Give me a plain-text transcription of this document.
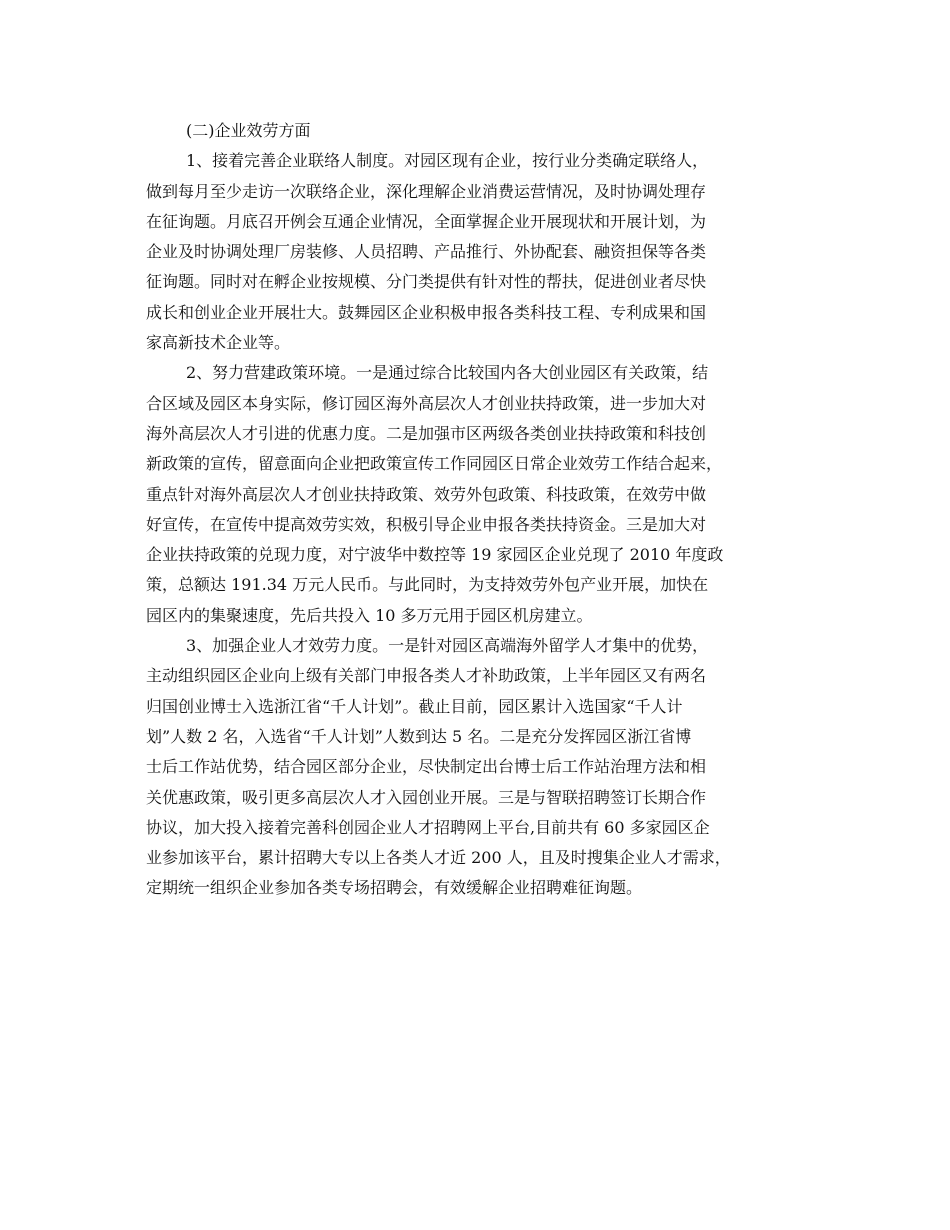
(二)企业效劳方面
1、接着完善企业联络人制度。对园区现有企业，按行业分类确定联络人，
做到每月至少走访一次联络企业，深化理解企业消费运营情况，及时协调处理存
在征询题。月底召开例会互通企业情况，全面掌握企业开展现状和开展计划，为
企业及时协调处理厂房装修、人员招聘、产品推行、外协配套、融资担保等各类
征询题。同时对在孵企业按规模、分门类提供有针对性的帮扶，促进创业者尽快
成长和创业企业开展壮大。鼓舞园区企业积极申报各类科技工程、专利成果和国
家高新技术企业等。
2、努力营建政策环境。一是通过综合比较国内各大创业园区有关政策，结
合区域及园区本身实际，修订园区海外高层次人才创业扶持政策，进一步加大对
海外高层次人才引进的优惠力度。二是加强市区两级各类创业扶持政策和科技创
新政策的宣传，留意面向企业把政策宣传工作同园区日常企业效劳工作结合起来，
重点针对海外高层次人才创业扶持政策、效劳外包政策、科技政策，在效劳中做
好宣传，在宣传中提高效劳实效，积极引导企业申报各类扶持资金。三是加大对
企业扶持政策的兑现力度，对宁波华中数控等 19 家园区企业兑现了 2010 年度政
策，总额达 191.34 万元人民币。与此同时，为支持效劳外包产业开展，加快在
园区内的集聚速度，先后共投入 10 多万元用于园区机房建立。
3、加强企业人才效劳力度。一是针对园区高端海外留学人才集中的优势，
主动组织园区企业向上级有关部门申报各类人才补助政策，上半年园区又有两名
归国创业博士入选浙江省“千人计划”。截止目前，园区累计入选国家“千人计
划”人数 2 名，入选省“千人计划”人数到达 5 名。二是充分发挥园区浙江省博
士后工作站优势，结合园区部分企业，尽快制定出台博士后工作站治理方法和相
关优惠政策，吸引更多高层次人才入园创业开展。三是与智联招聘签订长期合作
协议，加大投入接着完善科创园企业人才招聘网上平台,目前共有 60 多家园区企
业参加该平台，累计招聘大专以上各类人才近 200 人，且及时搜集企业人才需求，
定期统一组织企业参加各类专场招聘会，有效缓解企业招聘难征询题。
